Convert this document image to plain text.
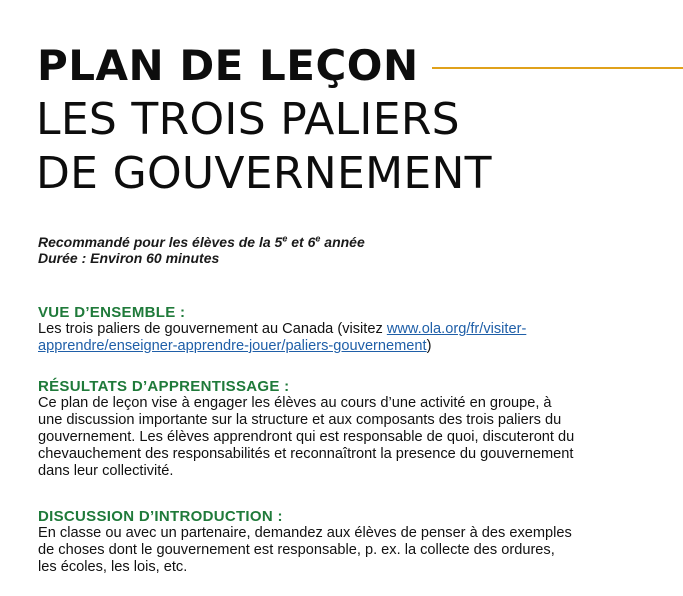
PLAN DE LEÇON
LES TROIS PALIERS
DE GOUVERNEMENT
Recommandé pour les élèves de la 5e et 6e année
Durée : Environ 60 minutes
VUE D’ENSEMBLE :
Les trois paliers de gouvernement au Canada (visitez www.ola.org/fr/visiter-
apprendre/enseigner-apprendre-jouer/paliers-gouvernement)
RÉSULTATS D’APPRENTISSAGE :
Ce plan de leçon vise à engager les élèves au cours d’une activité en groupe, à
une discussion importante sur la structure et aux composants des trois paliers du
gouvernement. Les élèves apprendront qui est responsable de quoi, discuteront du
chevauchement des responsabilités et reconnaîtront la presence du gouvernement
dans leur collectivité.
DISCUSSION D’INTRODUCTION :
En classe ou avec un partenaire, demandez aux élèves de penser à des exemples
de choses dont le gouvernement est responsable, p. ex. la collecte des ordures,
les écoles, les lois, etc.
